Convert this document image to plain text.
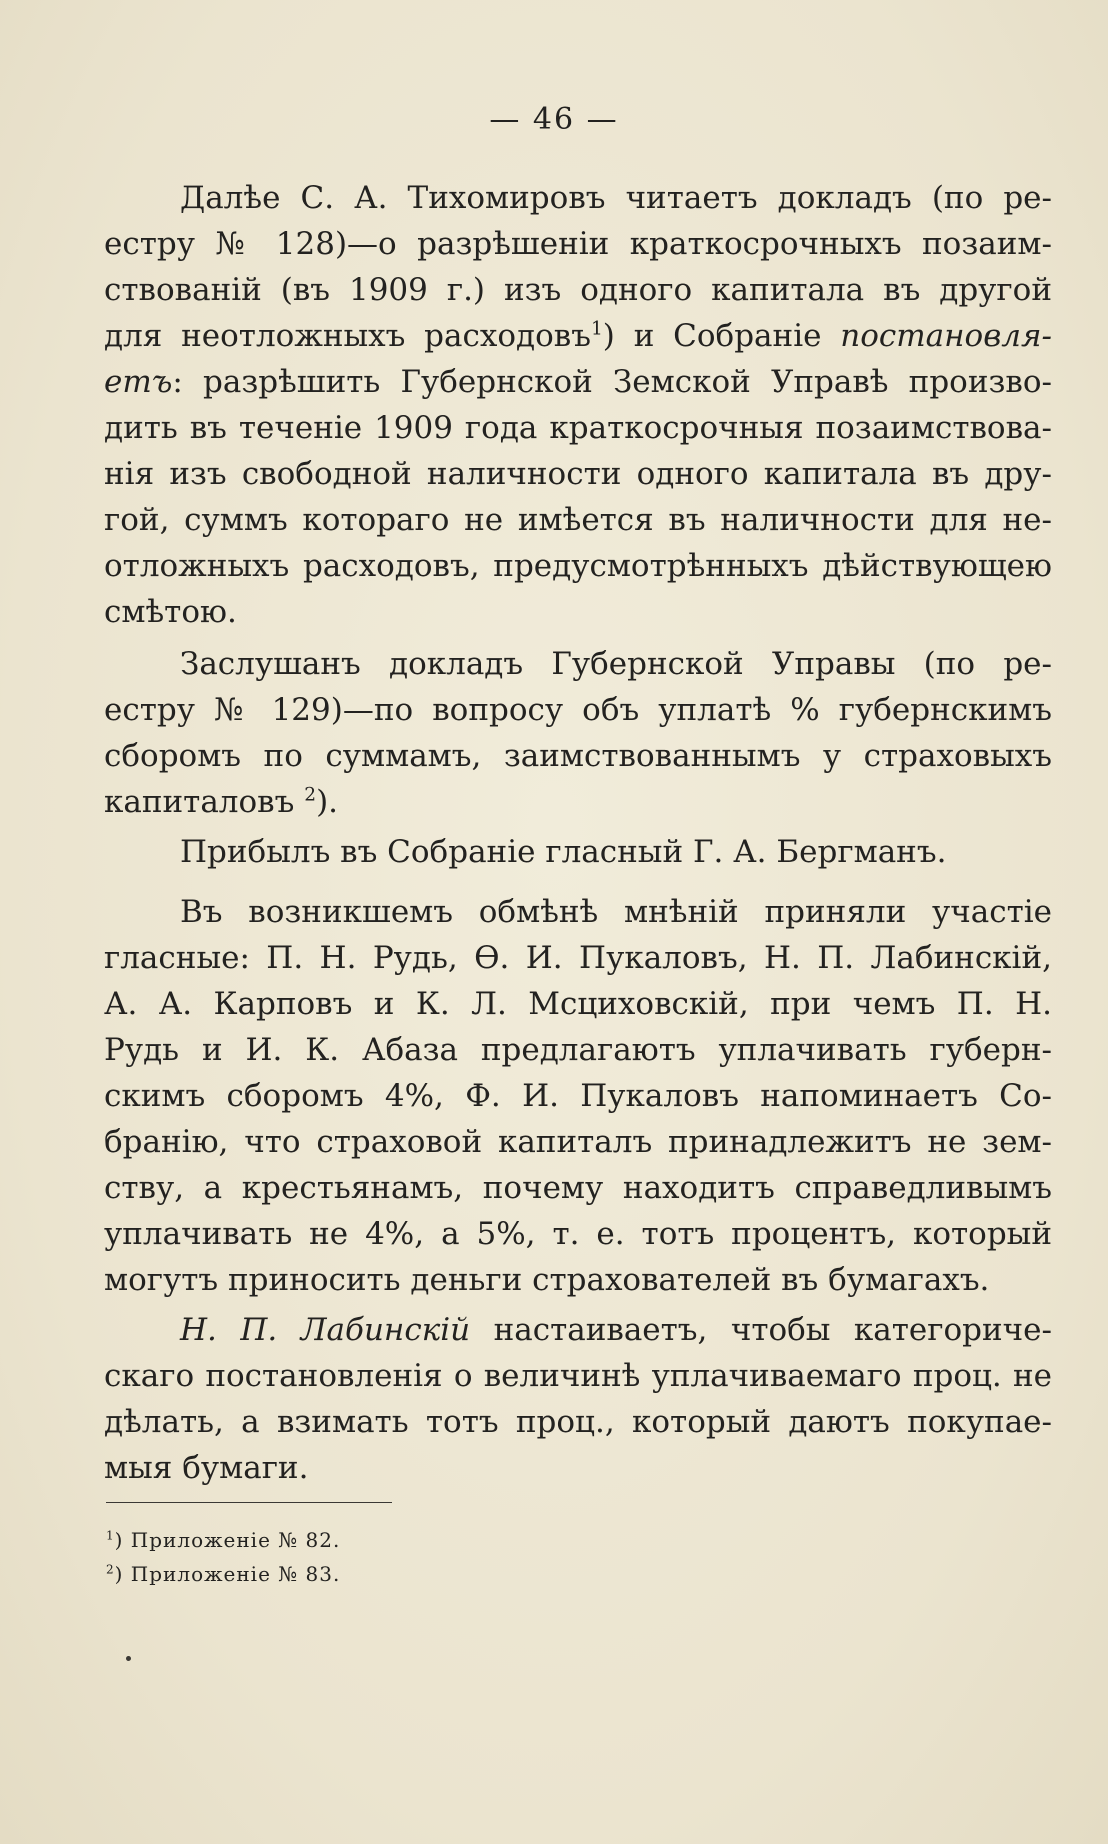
— 46 —
Далѣе С. А. Тихомировъ читаетъ докладъ (по ре-
естру № 128)—о разрѣшеніи краткосрочныхъ позаим-
ствованій (въ 1909 г.) изъ одного капитала въ другой
для неотложныхъ расходовъ$^1$) и Собраніе постановля-
етъ: разрѣшить Губернской Земской Управѣ произво-
дить въ теченіе 1909 года краткосрочныя позаимствова-
нія изъ свободной наличности одного капитала въ дру-
гой, суммъ котораго не имѣется въ наличности для не-
отложныхъ расходовъ, предусмотрѣнныхъ дѣйствующею
смѣтою.
Заслушанъ докладъ Губернской Управы (по ре-
естру № 129)—по вопросу объ уплатѣ % губернскимъ
сборомъ по суммамъ, заимствованнымъ у страховыхъ
капиталовъ $^2$).
Прибылъ въ Собраніе гласный Г. А. Бергманъ.
Въ возникшемъ обмѣнѣ мнѣній приняли участіе
гласные: П. Н. Рудь, Ѳ. И. Пукаловъ, Н. П. Лабинскій,
А. А. Карповъ и К. Л. Мсциховскій, при чемъ П. Н.
Рудь и И. К. Абаза предлагаютъ уплачивать губерн-
скимъ сборомъ 4%, Ф. И. Пукаловъ напоминаетъ Со-
бранію, что страховой капиталъ принадлежитъ не зем-
ству, а крестьянамъ, почему находитъ справедливымъ
уплачивать не 4%, а 5%, т. е. тотъ процентъ, который
могутъ приносить деньги страхователей въ бумагахъ.
Н. П. Лабинскій настаиваетъ, чтобы категориче-
скаго постановленія о величинѣ уплачиваемаго проц. не
дѣлать, а взимать тотъ проц., который даютъ покупае-
мыя бумаги.
$^1$) Приложеніе № 82.
$^2$) Приложеніе № 83.
